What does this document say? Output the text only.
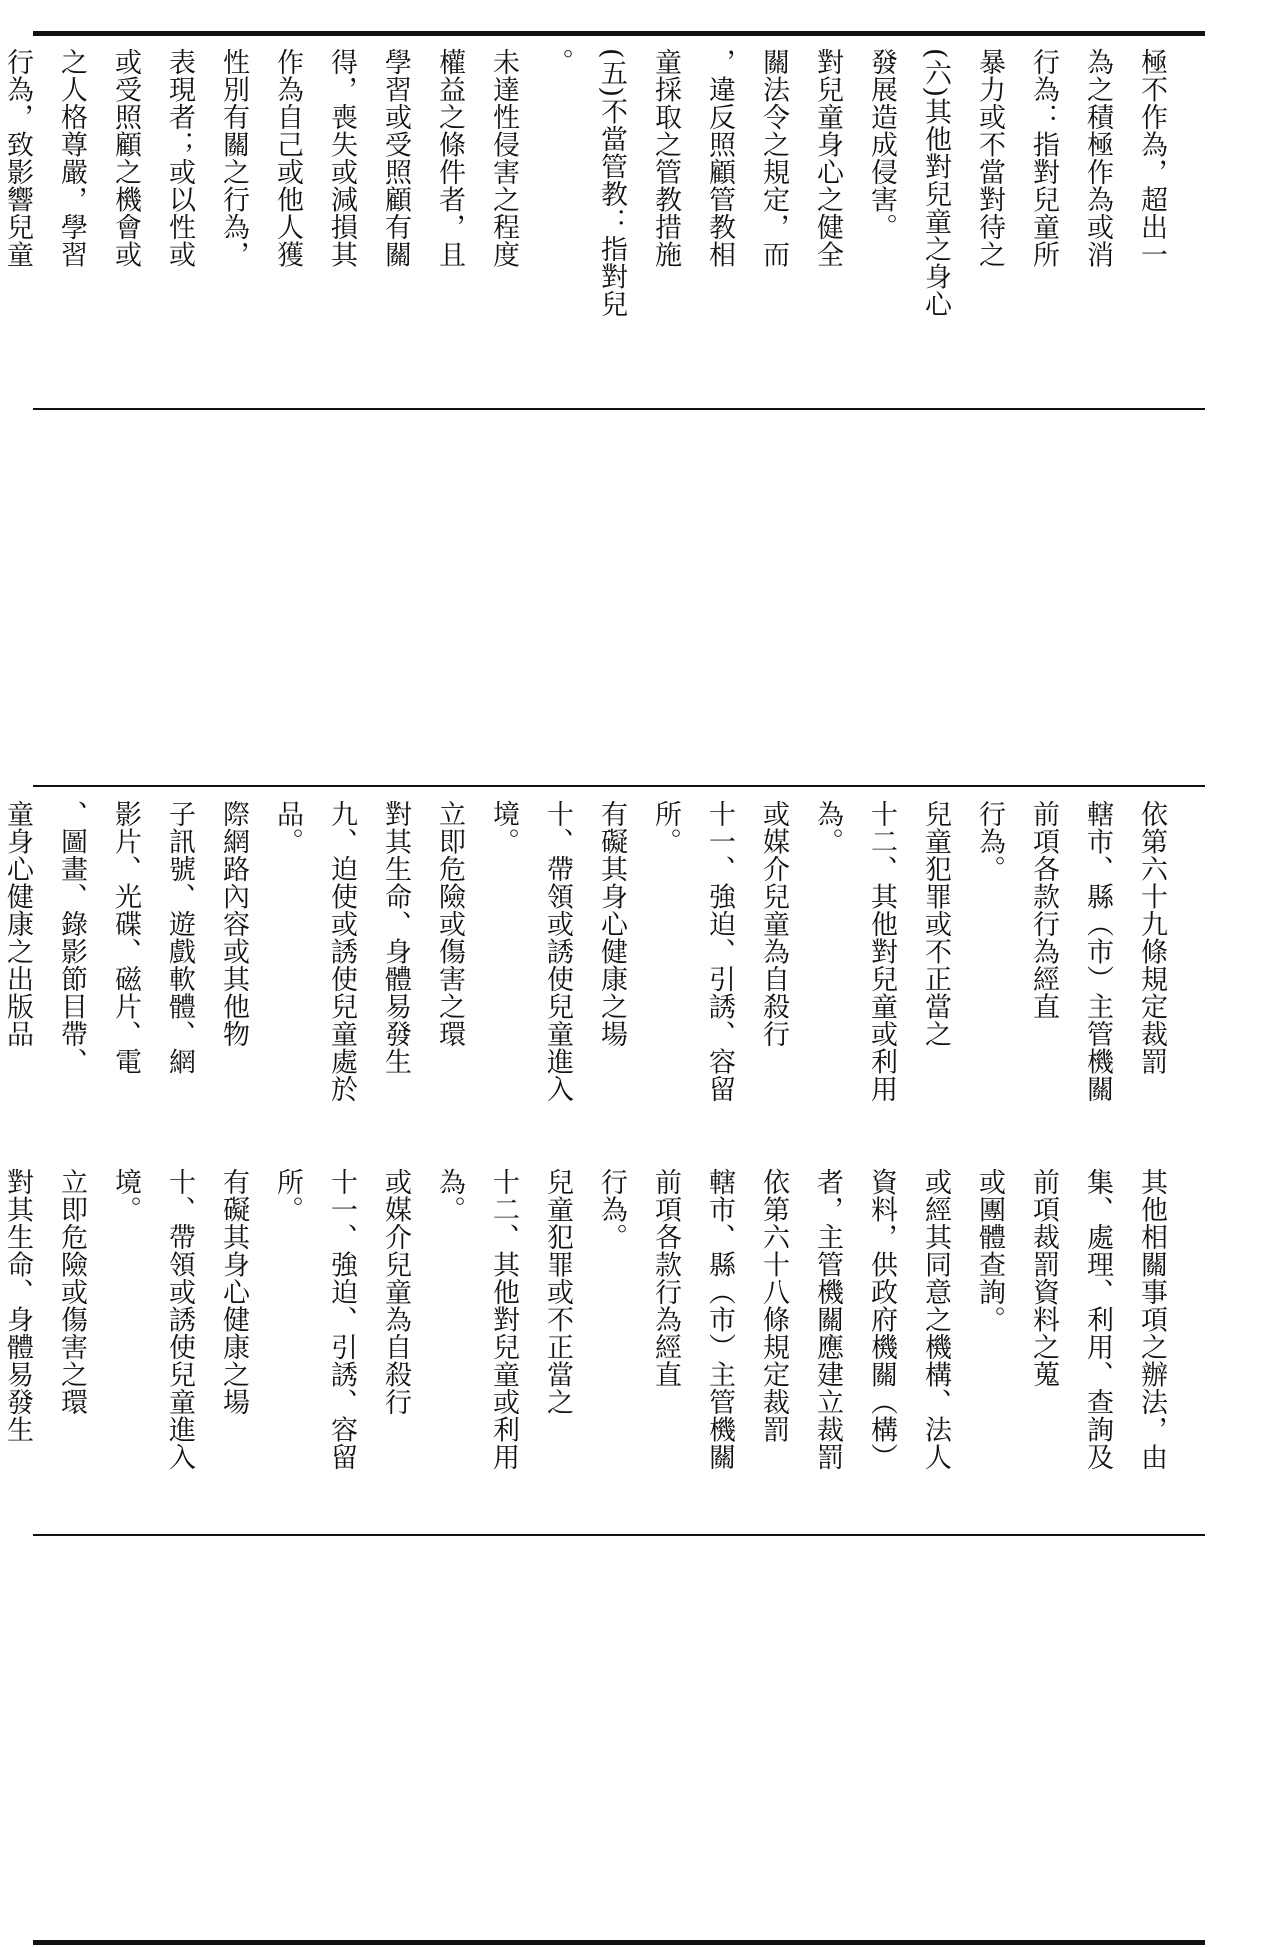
極不作為，超出一
為之積極作為或消
行為：指對兒童所
暴力或不當對待之
(六)其他對兒童之身心
發展造成侵害。
對兒童身心之健全
關法令之規定，而
，違反照顧管教相
童採取之管教措施
(五)不當管教：指對兒
。
未達性侵害之程度
權益之條件者，且
學習或受照顧有關
得，喪失或減損其
作為自己或他人獲
性別有關之行為，
表現者；或以性或
或受照顧之機會或
之人格尊嚴，學習
行為，致影響兒童
依第六十九條規定裁罰
轄市、縣（市）主管機關
前項各款行為經直
行為。
兒童犯罪或不正當之
十二、其他對兒童或利用
為。
或媒介兒童為自殺行
十一、強迫、引誘、容留
所。
有礙其身心健康之場
十、帶領或誘使兒童進入
境。
立即危險或傷害之環
對其生命、身體易發生
九、迫使或誘使兒童處於
品。
際網路內容或其他物
子訊號、遊戲軟體、網
影片、光碟、磁片、電
、圖畫、錄影節目帶、
童身心健康之出版品
其他相關事項之辦法，由
集、處理、利用、查詢及
前項裁罰資料之蒐
或團體查詢。
或經其同意之機構、法人
資料，供政府機關（構）
者，主管機關應建立裁罰
依第六十八條規定裁罰
轄市、縣（市）主管機關
前項各款行為經直
行為。
兒童犯罪或不正當之
十二、其他對兒童或利用
為。
或媒介兒童為自殺行
十一、強迫、引誘、容留
所。
有礙其身心健康之場
十、帶領或誘使兒童進入
境。
立即危險或傷害之環
對其生命、身體易發生
